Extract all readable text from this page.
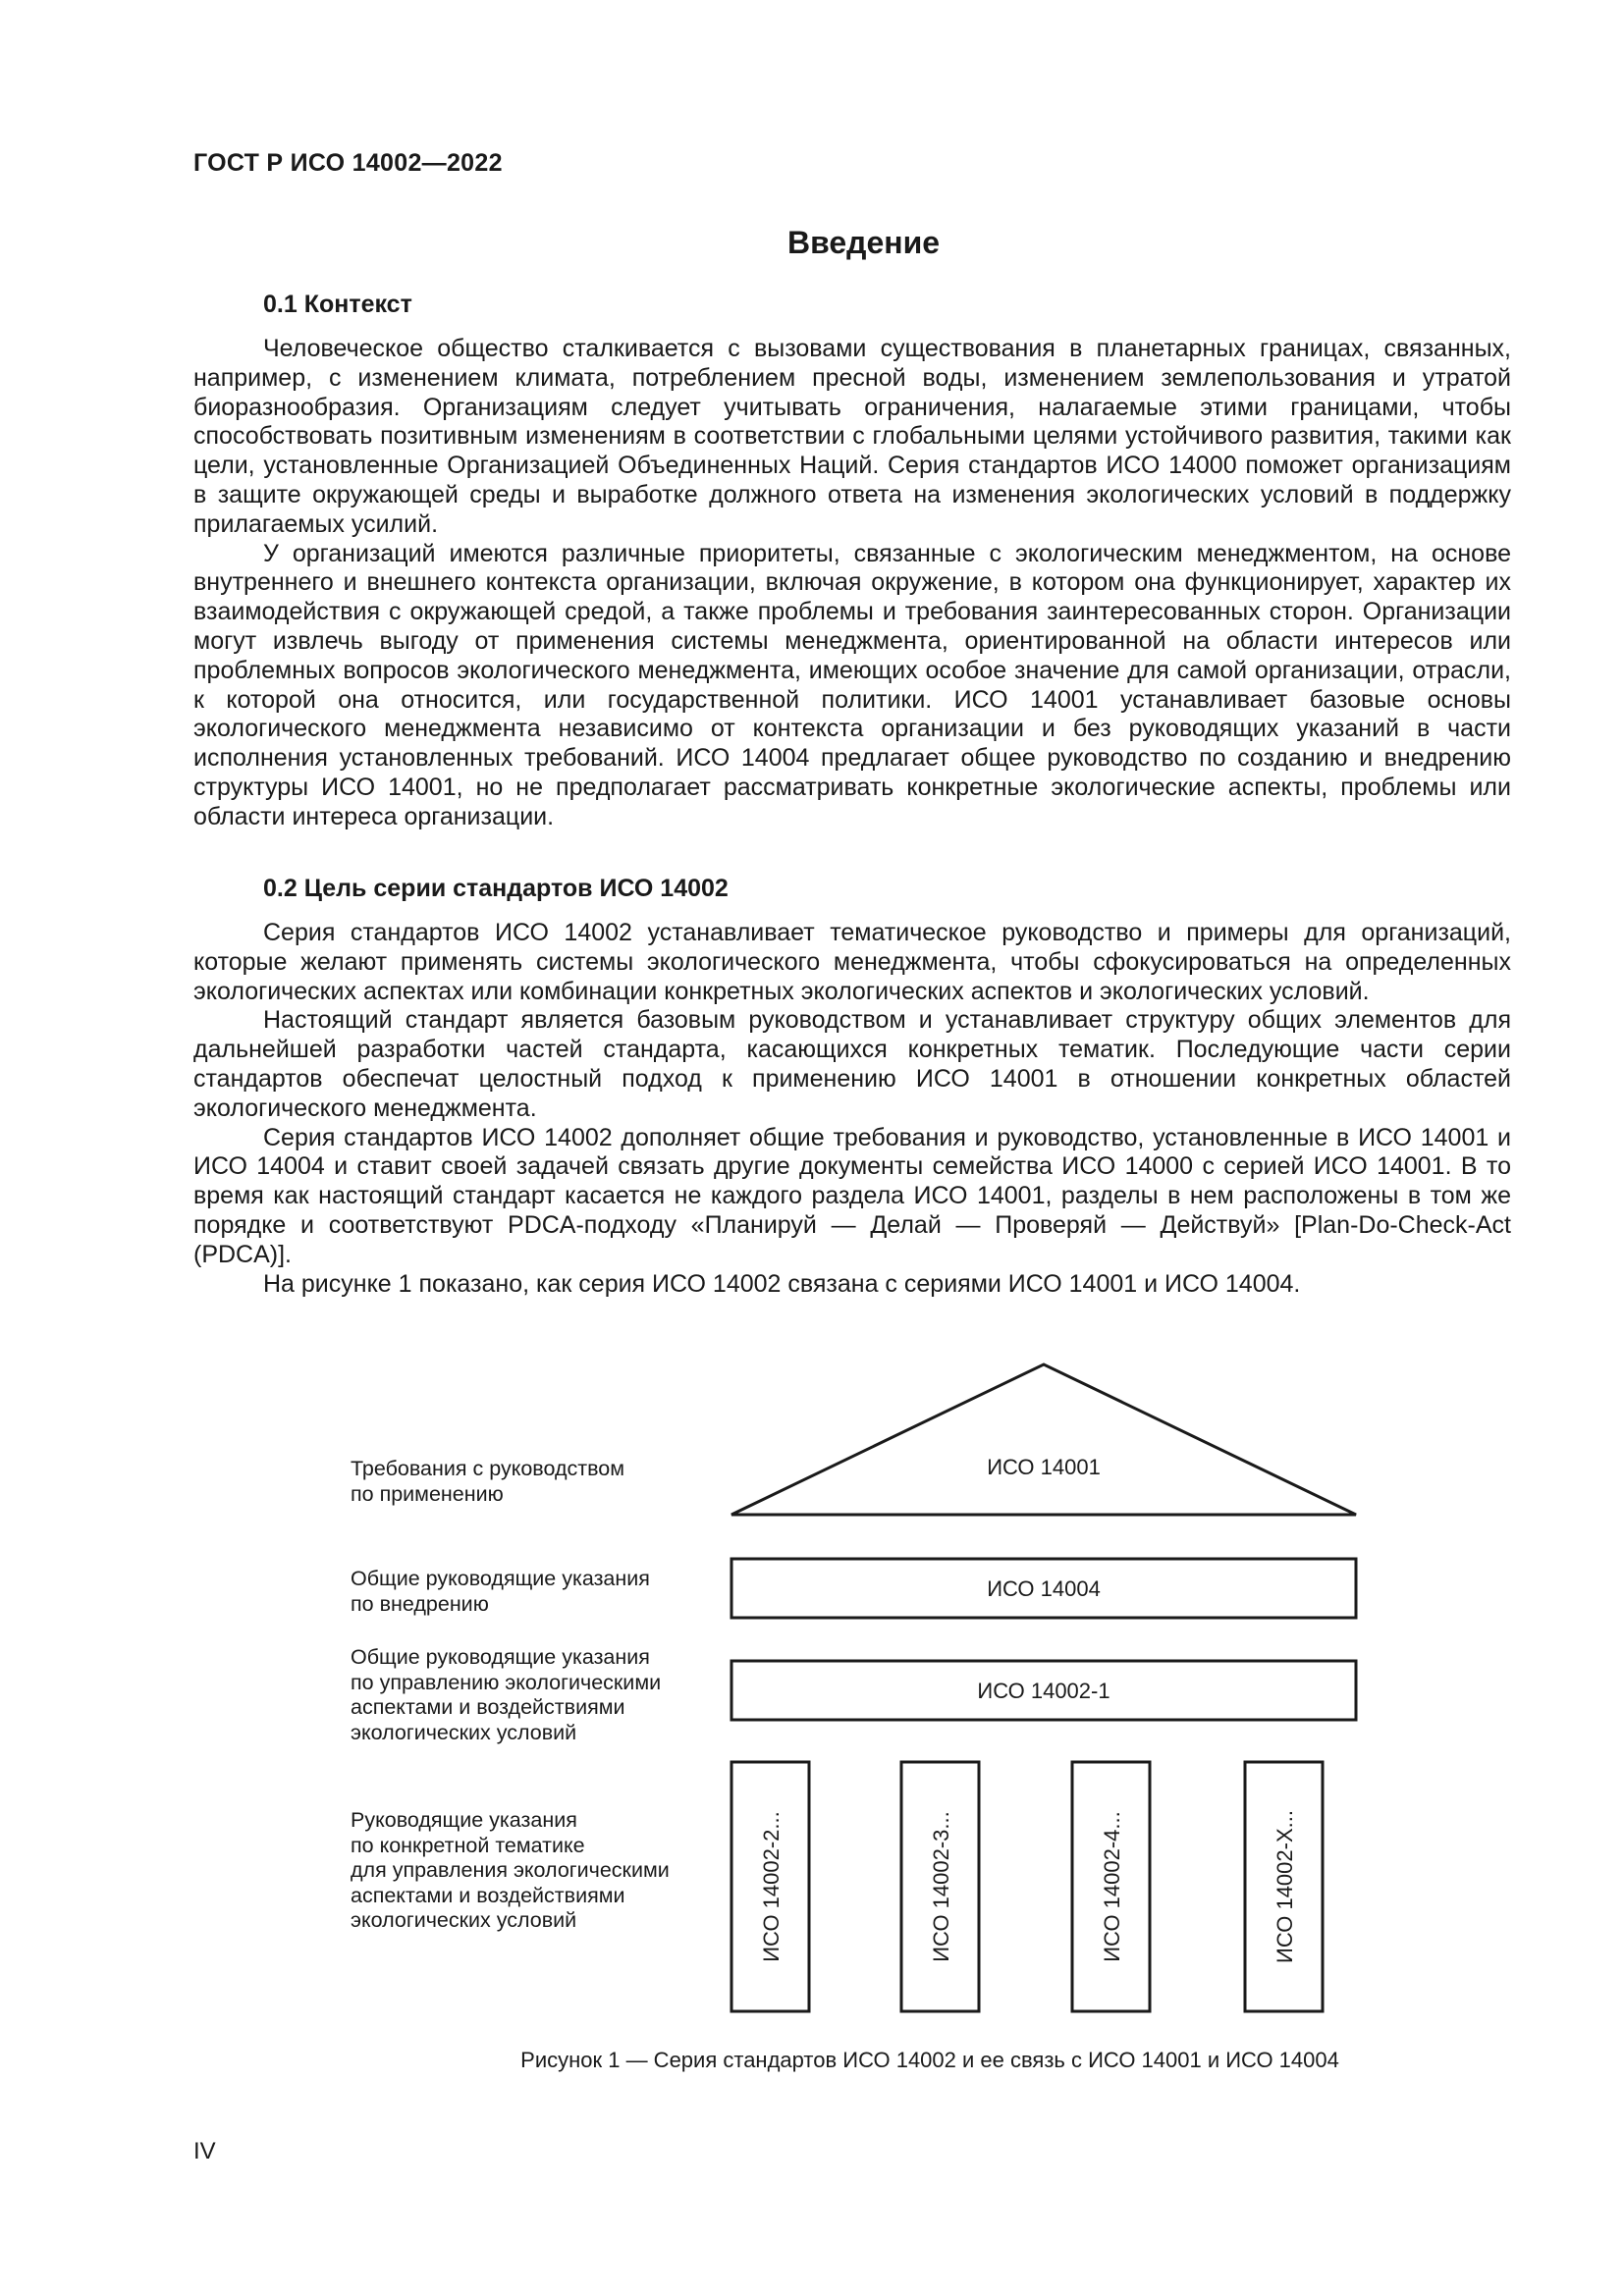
ГОСТ Р ИСО 14002—2022
Введение
0.1 Контекст

Человеческое общество сталкивается с вызовами существования в планетарных границах, связанных, например, с изменением климата, потреблением пресной воды, изменением землепользования и утратой биоразнообразия. Организациям следует учитывать ограничения, налагаемые этими границами, чтобы способствовать позитивным изменениям в соответствии с глобальными целями устойчивого развития, такими как цели, установленные Организацией Объединенных Наций. Серия стандартов ИСО 14000 поможет организациям в защите окружающей среды и выработке должного ответа на изменения экологических условий в поддержку прилагаемых усилий.

У организаций имеются различные приоритеты, связанные с экологическим менеджментом, на основе внутреннего и внешнего контекста организации, включая окружение, в котором она функционирует, характер их взаимодействия с окружающей средой, а также проблемы и требования заинтересованных сторон. Организации могут извлечь выгоду от применения системы менеджмента, ориентированной на области интересов или проблемных вопросов экологического менеджмента, имеющих особое значение для самой организации, отрасли, к которой она относится, или государственной политики. ИСО 14001 устанавливает базовые основы экологического менеджмента независимо от контекста организации и без руководящих указаний в части исполнения установленных требований. ИСО 14004 предлагает общее руководство по созданию и внедрению структуры ИСО 14001, но не предполагает рассматривать конкретные экологические аспекты, проблемы или области интереса организации.

0.2 Цель серии стандартов ИСО 14002

Серия стандартов ИСО 14002 устанавливает тематическое руководство и примеры для организаций, которые желают применять системы экологического менеджмента, чтобы сфокусироваться на определенных экологических аспектах или комбинации конкретных экологических аспектов и экологических условий.

Настоящий стандарт является базовым руководством и устанавливает структуру общих элементов для дальнейшей разработки частей стандарта, касающихся конкретных тематик. Последующие части серии стандартов обеспечат целостный подход к применению ИСО 14001 в отношении конкретных областей экологического менеджмента.

Серия стандартов ИСО 14002 дополняет общие требования и руководство, установленные в ИСО 14001 и ИСО 14004 и ставит своей задачей связать другие документы семейства ИСО 14000 с серией ИСО 14001. В то время как настоящий стандарт касается не каждого раздела ИСО 14001, разделы в нем расположены в том же порядке и соответствуют PDCA-подходу «Планируй — Делай — Проверяй — Действуй» [Plan-Do-Check-Act (PDCA)].

На рисунке 1 показано, как серия ИСО 14002 связана с сериями ИСО 14001 и ИСО 14004.

Требования с руководством
по применению
Общие руководящие указания
по внедрению
Общие руководящие указания
по управлению экологическими
аспектами и воздействиями
экологических условий
Руководящие указания
по конкретной тематике
для управления экологическими
аспектами и воздействиями
экологических условий
ИСО 14001
ИСО 14004
ИСО 14002-1
ИСО 14002-2...	ИСО 14002-3...	ИСО 14002-4...	ИСО 14002-X...
Рисунок 1 — Серия стандартов ИСО 14002 и ее связь с ИСО 14001 и ИСО 14004
IV
